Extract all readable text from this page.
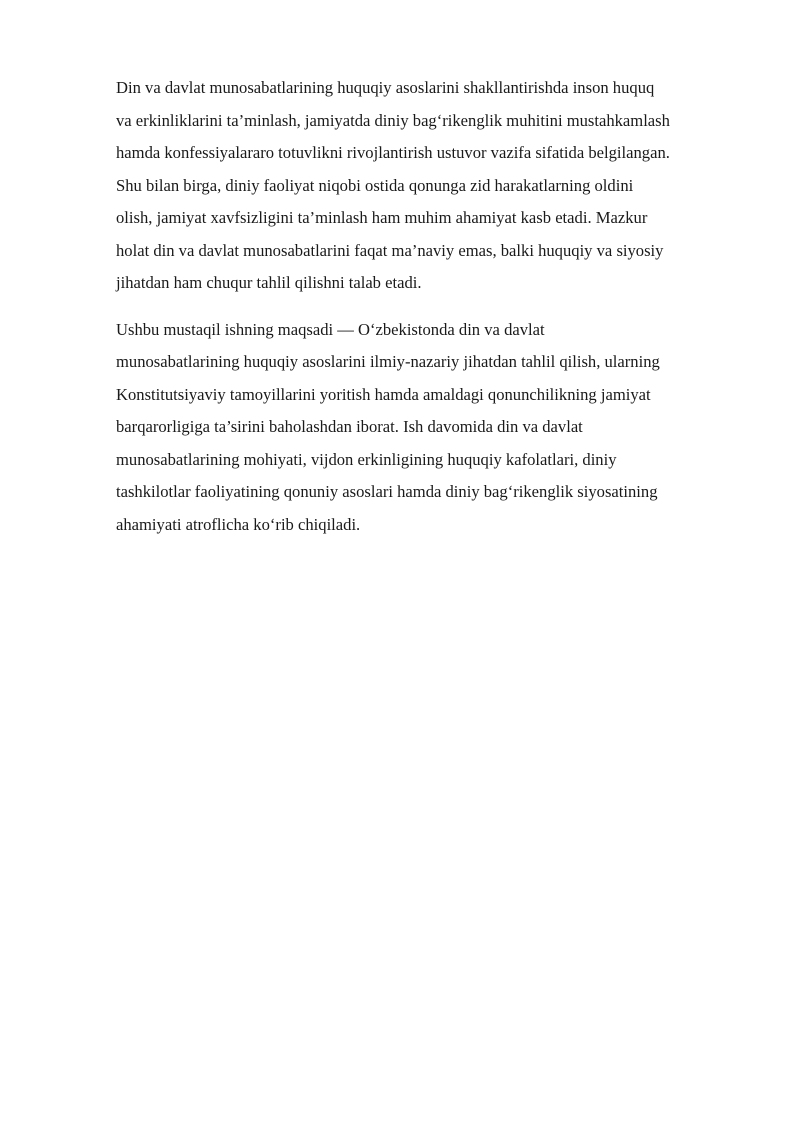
Din va davlat munosabatlarining huquqiy asoslarini shakllantirishda inson huquq
va erkinliklarini ta’minlash, jamiyatda diniy bag‘rikenglik muhitini mustahkamlash
hamda konfessiyalararo totuvlikni rivojlantirish ustuvor vazifa sifatida belgilangan.
Shu bilan birga, diniy faoliyat niqobi ostida qonunga zid harakatlarning oldini
olish, jamiyat xavfsizligini ta’minlash ham muhim ahamiyat kasb etadi. Mazkur
holat din va davlat munosabatlarini faqat ma’naviy emas, balki huquqiy va siyosiy
jihatdan ham chuqur tahlil qilishni talab etadi.

Ushbu mustaqil ishning maqsadi — O‘zbekistonda din va davlat
munosabatlarining huquqiy asoslarini ilmiy-nazariy jihatdan tahlil qilish, ularning
Konstitutsiyaviy tamoyillarini yoritish hamda amaldagi qonunchilikning jamiyat
barqarorligiga ta’sirini baholashdan iborat. Ish davomida din va davlat
munosabatlarining mohiyati, vijdon erkinligining huquqiy kafolatlari, diniy
tashkilotlar faoliyatining qonuniy asoslari hamda diniy bag‘rikenglik siyosatining
ahamiyati atroflicha ko‘rib chiqiladi.
